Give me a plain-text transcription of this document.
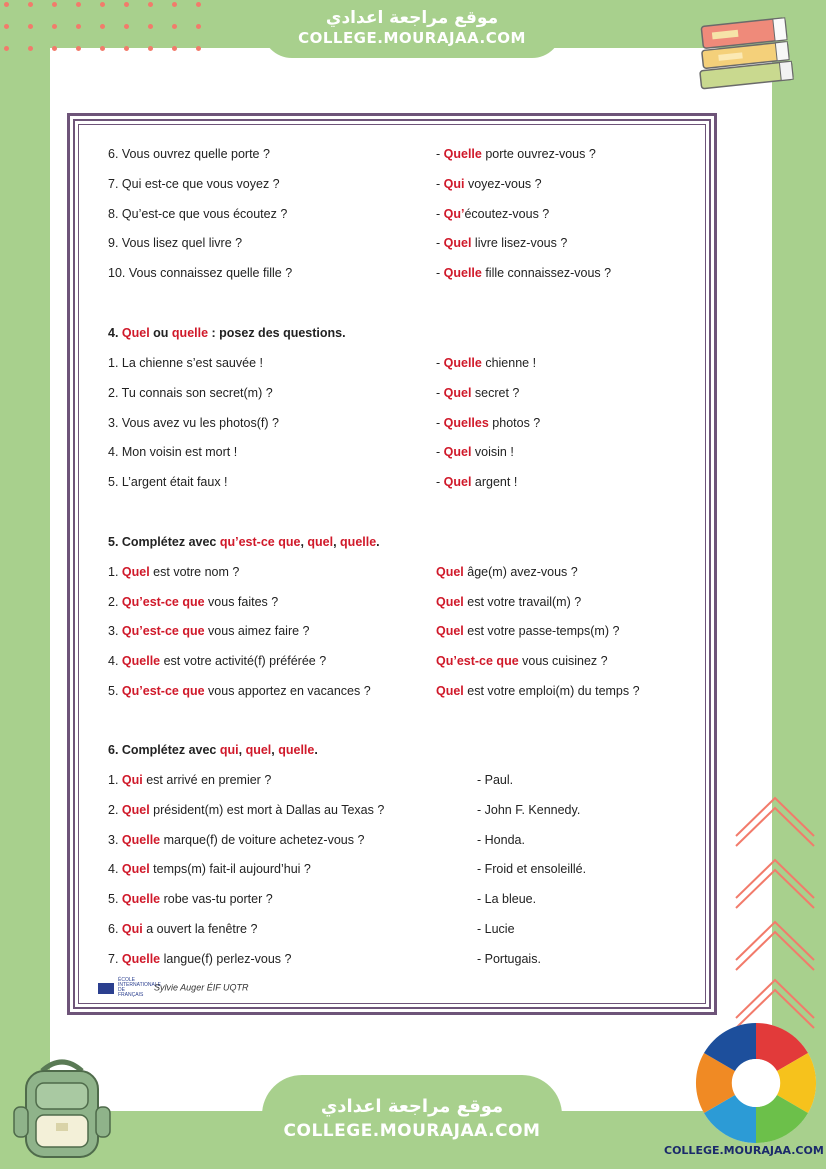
موقع مراجعة اعدادي
COLLEGE.MOURAJAA.COM
6. Vous ouvrez quelle porte ?	- Quelle porte ouvrez-vous ?
7. Qui est-ce que vous voyez ?	- Qui voyez-vous ?
8. Qu’est-ce que vous écoutez ?	- Qu’écoutez-vous ?
9. Vous lisez quel livre ?	- Quel livre lisez-vous ?
10. Vous connaissez quelle fille ?	- Quelle fille connaissez-vous ?
4. Quel ou quelle : posez des questions.
1. La chienne s’est sauvée !	- Quelle chienne !
2. Tu connais son secret(m) ?	- Quel secret ?
3. Vous avez vu les photos(f) ?	- Quelles photos ?
4. Mon voisin est mort !	- Quel voisin !
5. L’argent était faux !	- Quel argent !
5. Complétez avec qu’est-ce que, quel, quelle.
1. Quel est votre nom ?	Quel âge(m) avez-vous ?
2. Qu’est-ce que vous faites ?	Quel est votre travail(m) ?
3. Qu’est-ce que vous aimez faire ?	Quel est votre passe-temps(m) ?
4. Quelle est votre activité(f) préférée ?	Qu’est-ce que vous cuisinez ?
5. Qu’est-ce que vous apportez en vacances ?	Quel est votre emploi(m) du temps ?
6. Complétez avec qui, quel, quelle.
1. Qui est arrivé en premier ?	- Paul.
2. Quel président(m) est mort à Dallas au Texas ?	- John F. Kennedy.
3. Quelle marque(f) de voiture achetez-vous ?	- Honda.
4. Quel temps(m) fait-il aujourd’hui ?	- Froid et ensoleillé.
5. Quelle robe vas-tu porter ?	- La bleue.
6. Qui a ouvert la fenêtre ?	- Lucie
7. Quelle langue(f) perlez-vous ?	- Portugais.
ÉCOLE INTERNATIONALE DE FRANÇAISSylvie Auger ÉIF UQTR
موقع مراجعة اعدادي
COLLEGE.MOURAJAA.COM
COLLEGE.MOURAJAA.COM
